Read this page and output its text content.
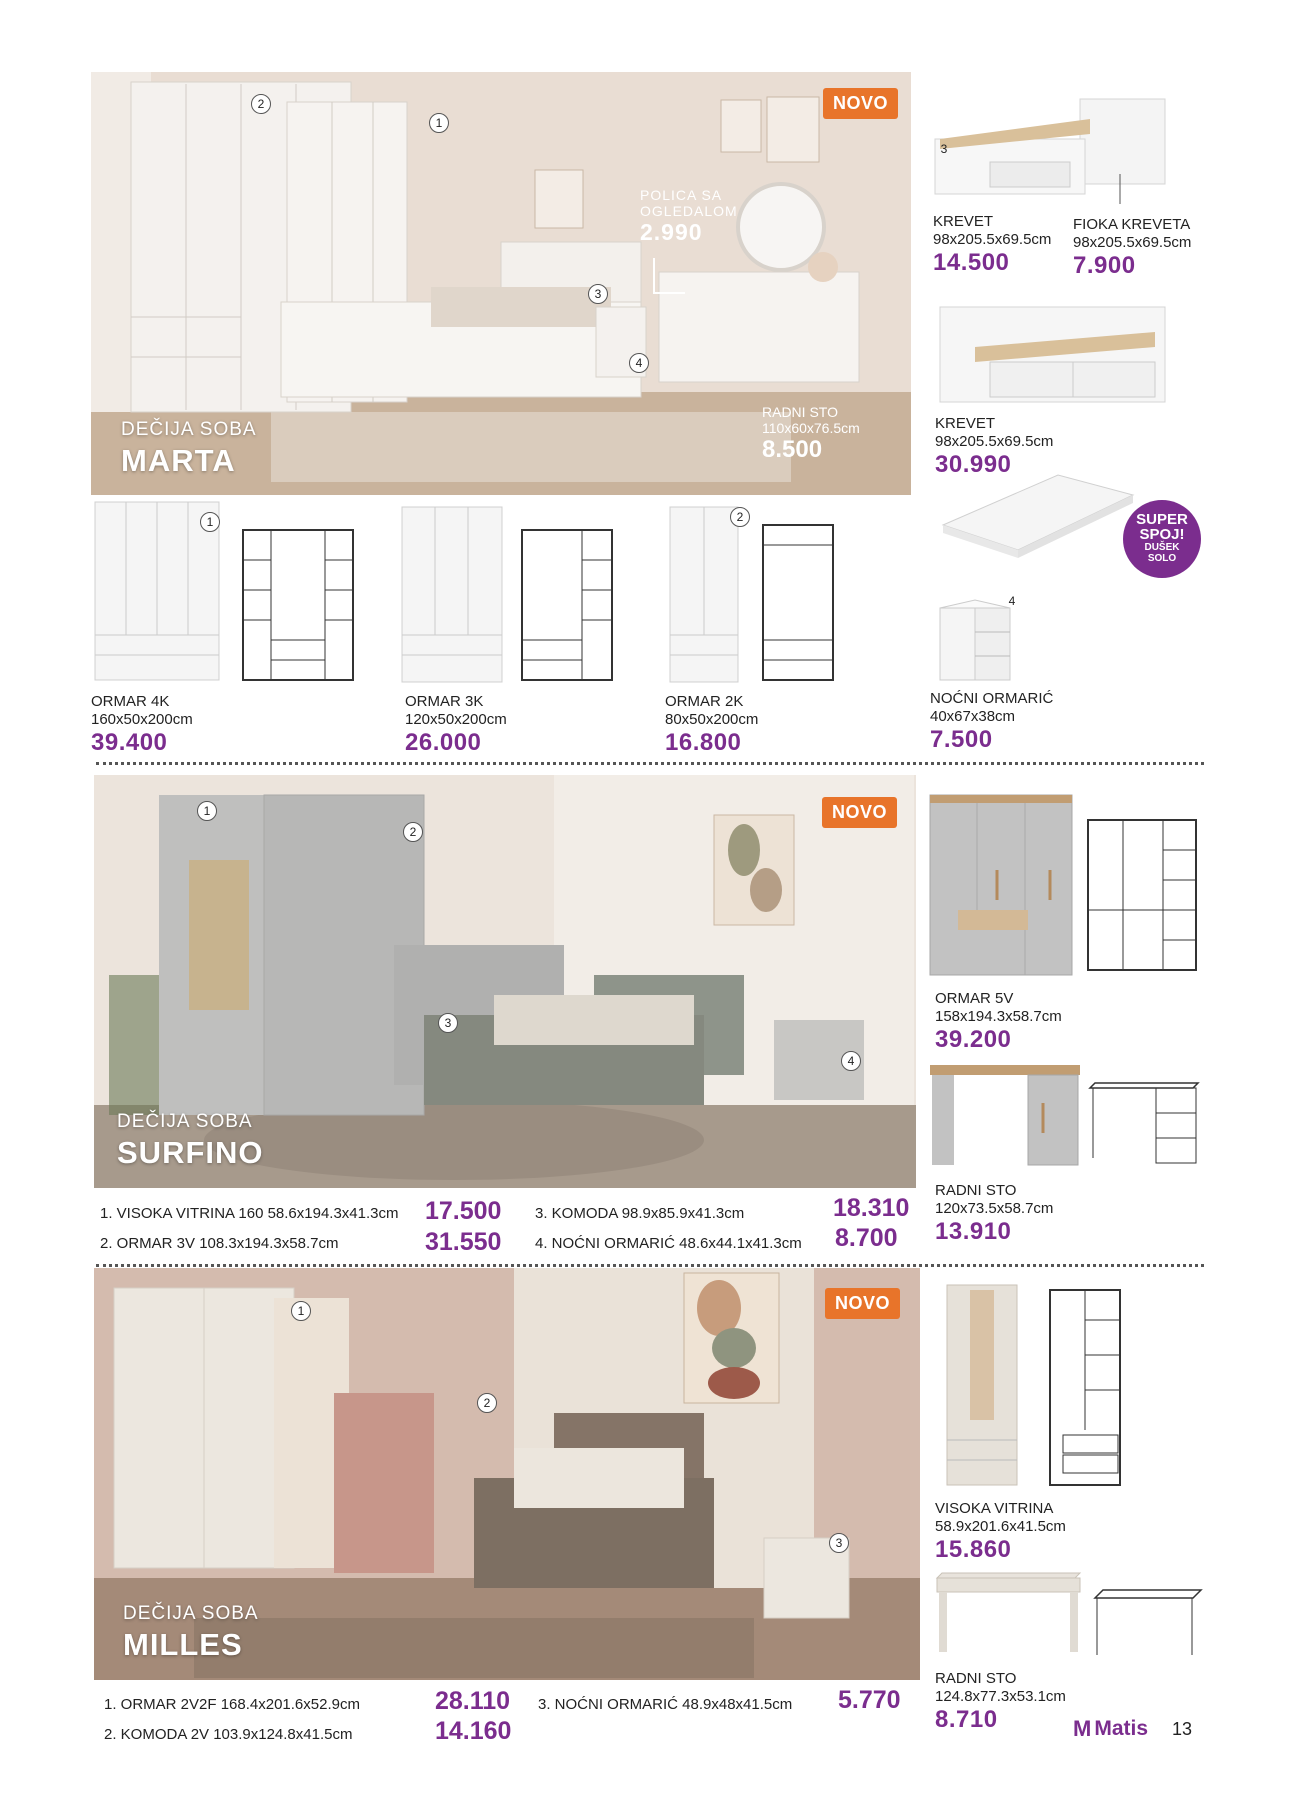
NOVO
2
1
3
4
POLICA SA
OGLEDALOM
2.990
RADNI STO
110x60x76.5cm
8.500
DEČIJA SOBA
MARTA
3
KREVET
98x205.5x69.5cm
14.500
FIOKA KREVETA
98x205.5x69.5cm
7.900
KREVET
98x205.5x69.5cm
30.990
SUPER
SPOJ!
DUŠEK
SOLO
1
ORMAR 4K
160x50x200cm
39.400
ORMAR 3K
120x50x200cm
26.000
2
ORMAR 2K
80x50x200cm
16.800
4
NOĆNI ORMARIĆ
40x67x38cm
7.500
NOVO
1
2
3
4
DEČIJA SOBA
SURFINO
ORMAR 5V
158x194.3x58.7cm
39.200
RADNI STO
120x73.5x58.7cm
13.910
1. VISOKA VITRINA 160 58.6x194.3x41.3cm 17.500
2. ORMAR 3V 108.3x194.3x58.7cm	31.550
3. KOMODA 98.9x85.9x41.3cm	18.310
4. NOĆNI ORMARIĆ 48.6x44.1x41.3cm 8.700
NOVO
1
2
3
DEČIJA SOBA
MILLES
VISOKA VITRINA
58.9x201.6x41.5cm
15.860
RADNI STO
124.8x77.3x53.1cm
8.710
1. ORMAR 2V2F 168.4x201.6x52.9cm	28.110
2. KOMODA 2V 103.9x124.8x41.5cm	14.160
3. NOĆNI ORMARIĆ 48.9x48x41.5cm 5.770
M Matis 13
